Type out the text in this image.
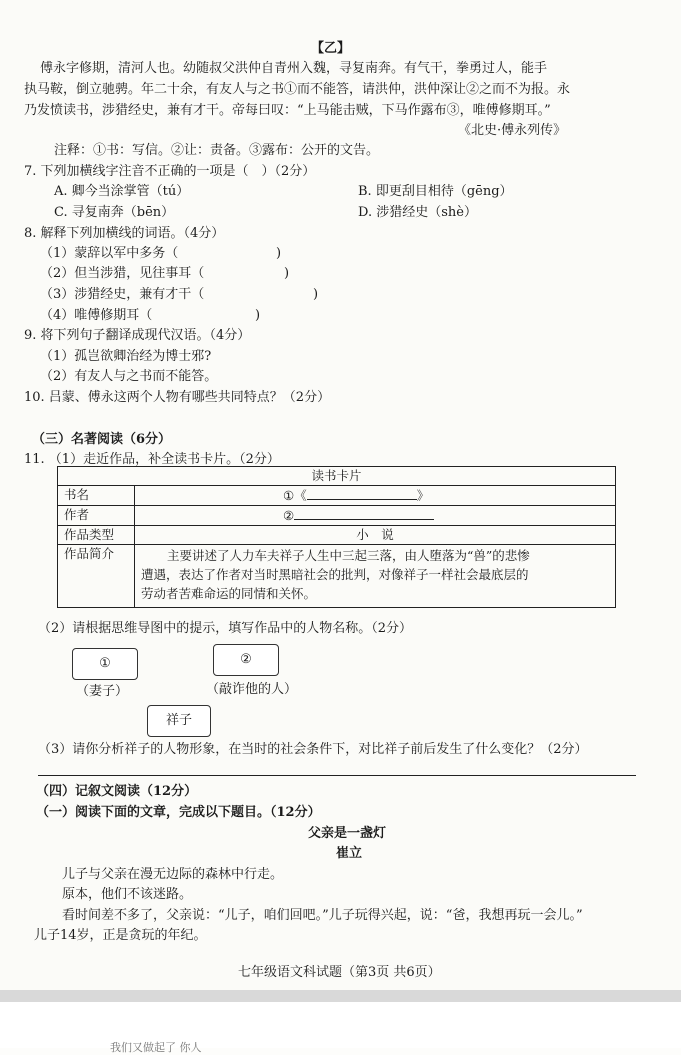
【乙】
傅永字修期，清河人也。幼随叔父洪仲自青州入魏，寻复南奔。有气干，拳勇过人，能手
执马鞍，倒立驰骋。年二十余，有友人与之书①而不能答，请洪仲，洪仲深让②之而不为报。永
乃发愤读书，涉猎经史，兼有才干。帝每曰叹：“上马能击贼，下马作露布③，唯傅修期耳。”
《北史·傅永列传》
注释：①书：写信。②让：责备。③露布：公开的文告。
7. 下列加横线字注音不正确的一项是（　）（2分）
A. 卿今当涂掌管（tú）	B. 即更刮目相待（gēng）
C. 寻复南奔（bēn）	D. 涉猎经史（shè）
8. 解释下列加横线的词语。（4分）
（1）蒙辞以军中多务（	)
（2）但当涉猎，见往事耳（	)
（3）涉猎经史，兼有才干（	)
（4）唯傅修期耳（	)
9. 将下列句子翻译成现代汉语。（4分）
（1）孤岂欲卿治经为博士邪?
（2）有友人与之书而不能答。
10. 吕蒙、傅永这两个人物有哪些共同特点？（2分）
（三）名著阅读（6分）
11. （1）走近作品，补全读书卡片。（2分）
读书卡片	
书名	①《 》
作者	②
作品类型	小　说
作品简介	主要讲述了人力车夫祥子人生中三起三落，由人堕落为“兽”的悲惨
遭遇，表达了作者对当时黑暗社会的批判，对像祥子一样社会最底层的
劳动者苦难命运的同情和关怀。
（2）请根据思维导图中的提示，填写作品中的人物名称。（2分）
①
（妻子）
②
（敲诈他的人）
祥子
（3）请你分析祥子的人物形象，在当时的社会条件下，对比祥子前后发生了什么变化？（2分）
（四）记叙文阅读（12分）
（一）阅读下面的文章，完成以下题目。（12分）
父亲是一盏灯
崔立
儿子与父亲在漫无边际的森林中行走。
原本，他们不该迷路。
看时间差不多了，父亲说：“儿子，咱们回吧。”儿子玩得兴起，说：“爸，我想再玩一会儿。”
儿子14岁，正是贪玩的年纪。
七年级语文科试题（第3页 共6页）
我们又做起了 你人
